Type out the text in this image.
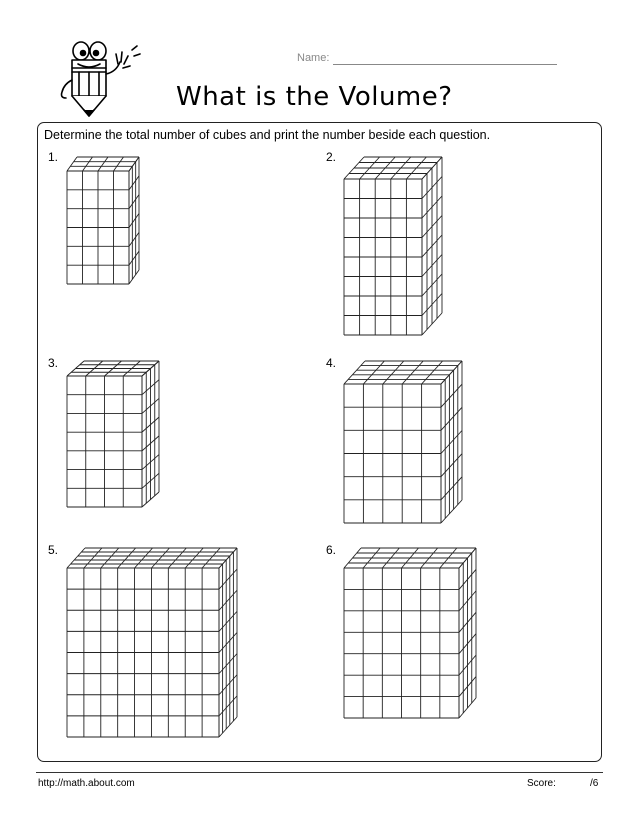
Name:
What is the Volume?
Determine the total number of cubes and print the number beside each question.
1.	2.
3.	4.
5.	6.
http://math.about.com	Score:	/6
